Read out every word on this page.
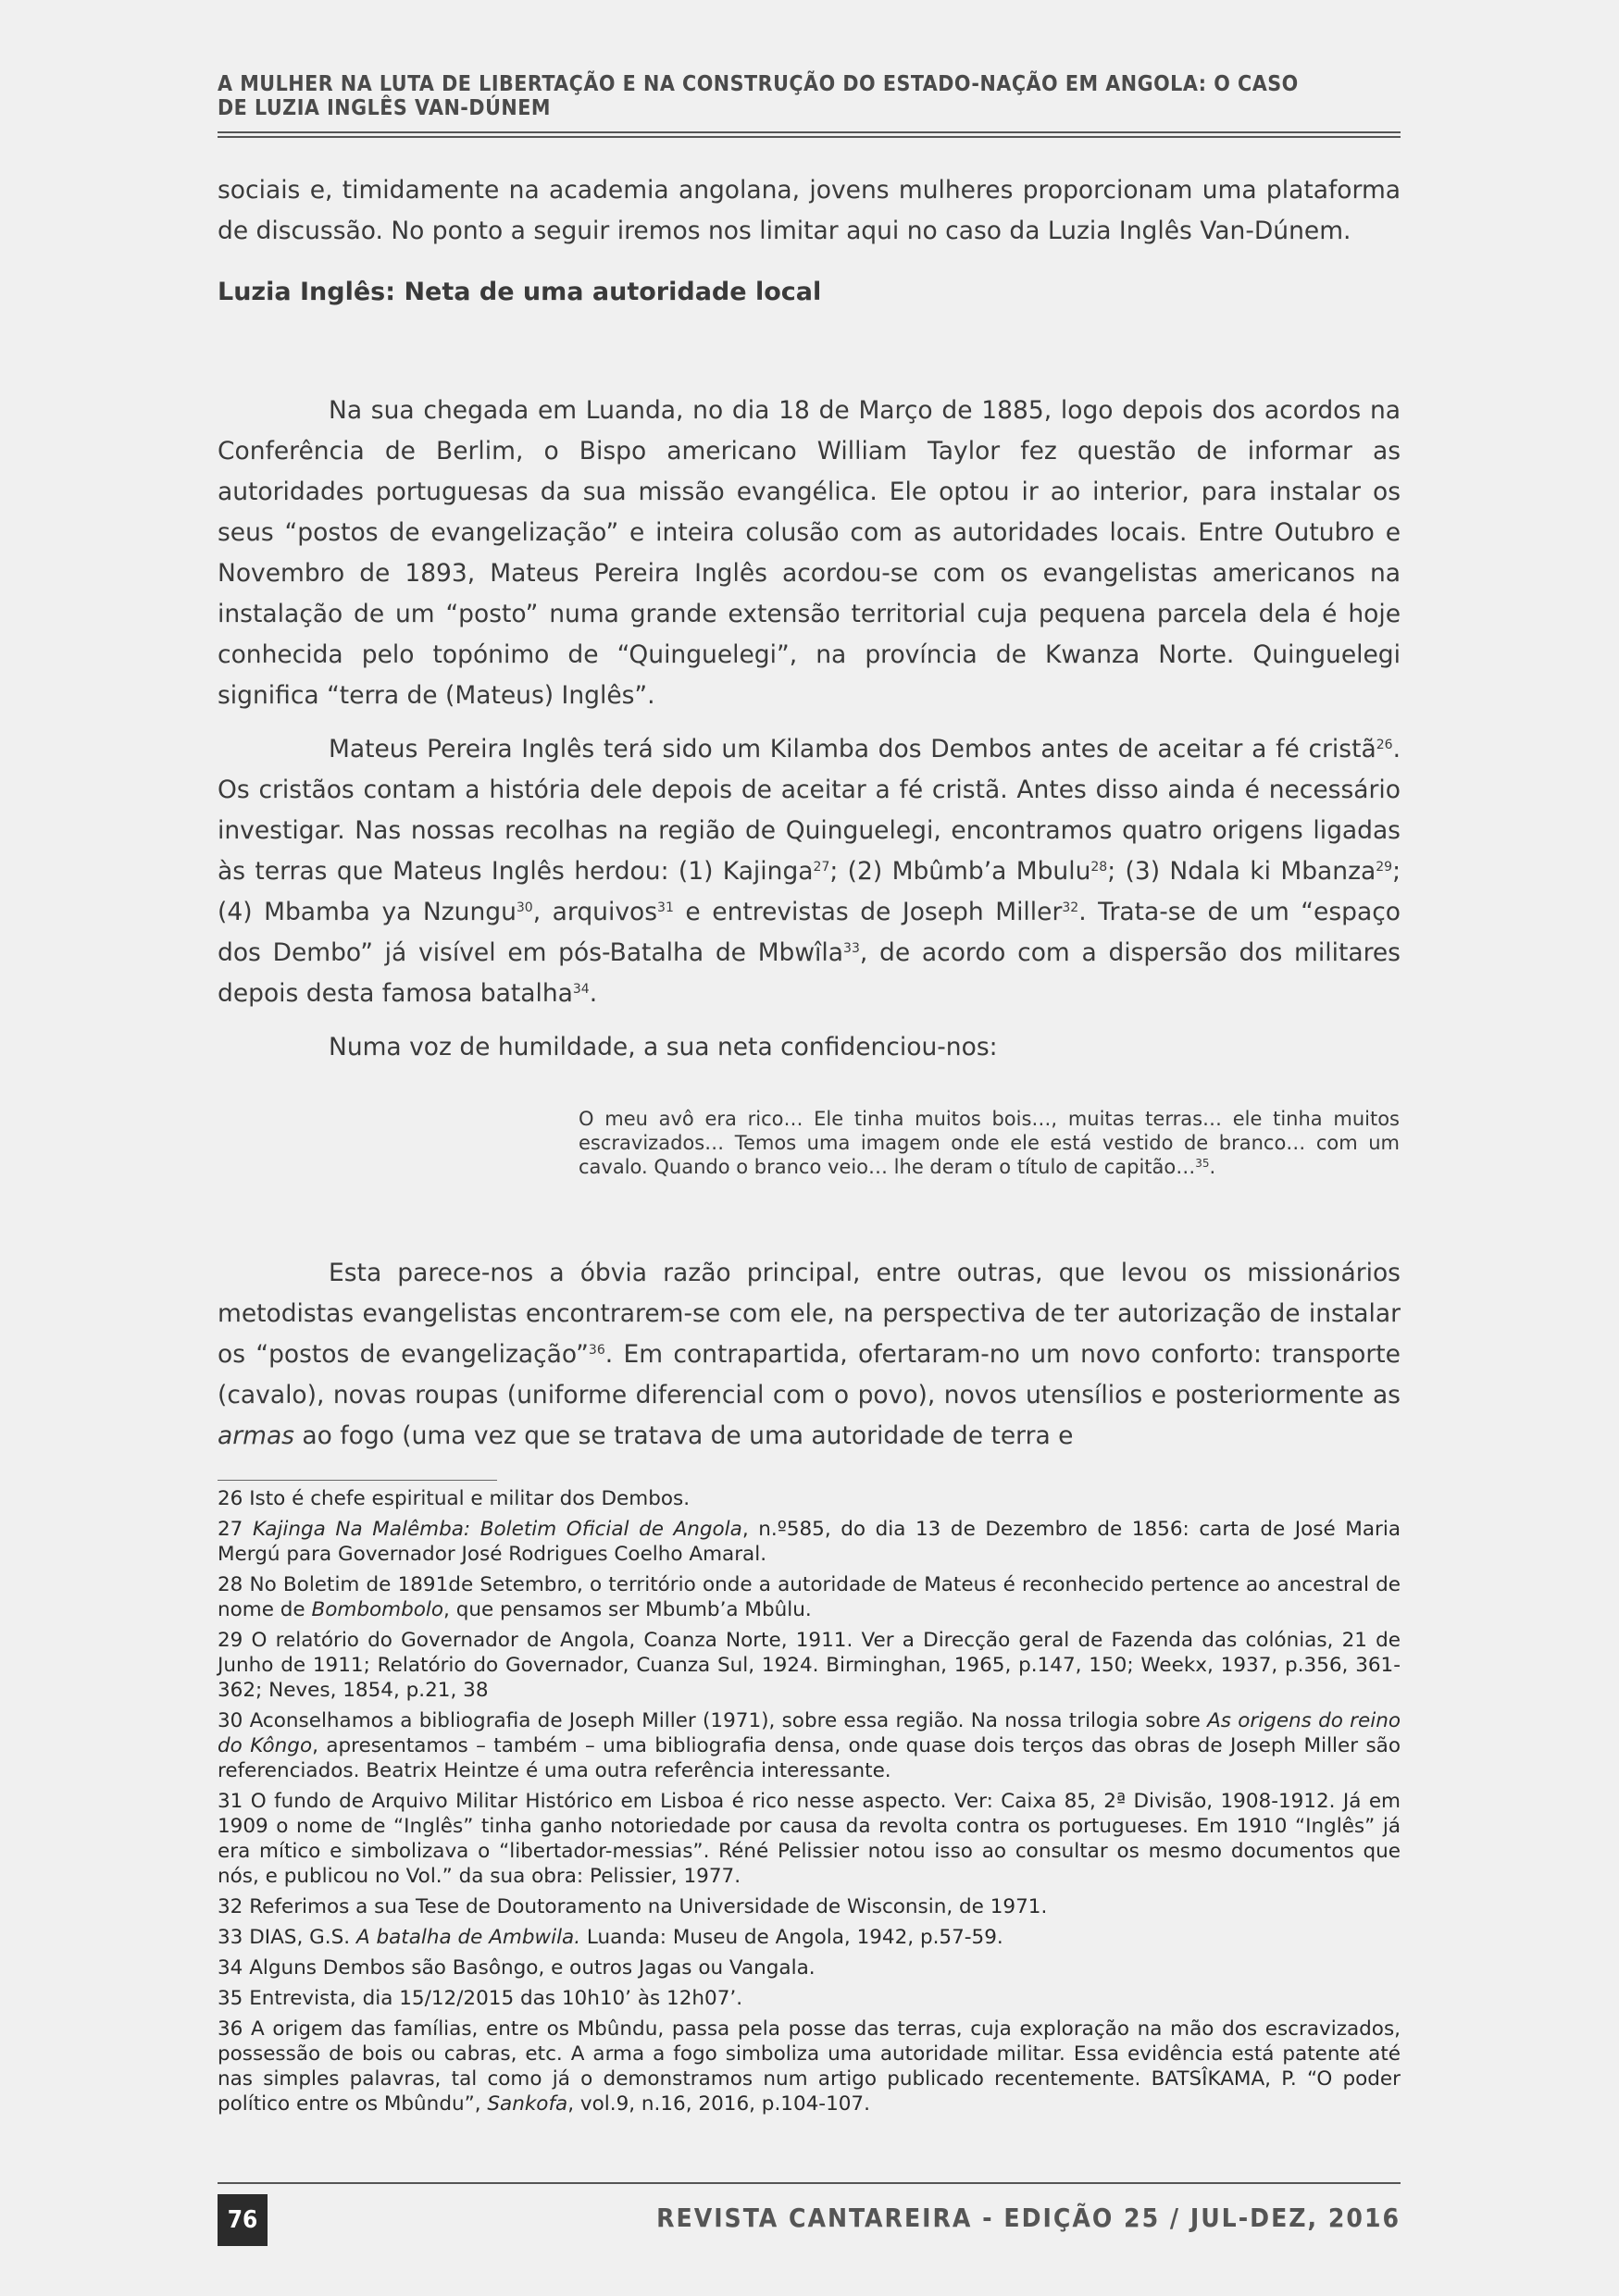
A MULHER NA LUTA DE LIBERTAÇÃO E NA CONSTRUÇÃO DO ESTADO-NAÇÃO EM ANGOLA: O CASO
DE LUZIA INGLÊS VAN-DÚNEM

sociais e, timidamente na academia angolana, jovens mulheres proporcionam uma plataforma de discussão. No ponto a seguir iremos nos limitar aqui no caso da Luzia Inglês Van-Dúnem.

Luzia Inglês: Neta de uma autoridade local

Na sua chegada em Luanda, no dia 18 de Março de 1885, logo depois dos acordos na Conferência de Berlim, o Bispo americano William Taylor fez questão de informar as autoridades portuguesas da sua missão evangélica. Ele optou ir ao interior, para instalar os seus “postos de evangelização” e inteira colusão com as autoridades locais. Entre Outubro e Novembro de 1893, Mateus Pereira Inglês acordou-se com os evangelistas americanos na instalação de um “posto” numa grande extensão territorial cuja pequena parcela dela é hoje conhecida pelo topónimo de “Quinguelegi”, na província de Kwanza Norte. Quinguelegi significa “terra de (Mateus) Inglês”.

Mateus Pereira Inglês terá sido um Kilamba dos Dembos antes de aceitar a fé cristã$^{26}$. Os cristãos contam a história dele depois de aceitar a fé cristã. Antes disso ainda é necessário investigar. Nas nossas recolhas na região de Quinguelegi, encontramos quatro origens ligadas às terras que Mateus Inglês herdou: (1) Kajinga$^{27}$; (2) Mbûmb’a Mbulu$^{28}$; (3) Ndala ki Mbanza$^{29}$; (4) Mbamba ya Nzungu$^{30}$, arquivos$^{31}$ e entrevistas de Joseph Miller$^{32}$. Trata-se de um “espaço dos Dembo” já visível em pós-Batalha de Mbwîla$^{33}$, de acordo com a dispersão dos militares depois desta famosa batalha$^{34}$.

Numa voz de humildade, a sua neta confidenciou-nos:

O meu avô era rico… Ele tinha muitos bois…, muitas terras… ele tinha muitos escravizados… Temos uma imagem onde ele está vestido de branco… com um cavalo. Quando o branco veio… lhe deram o título de capitão…$^{35}$.

Esta parece-nos a óbvia razão principal, entre outras, que levou os missionários metodistas evangelistas encontrarem-se com ele, na perspectiva de ter autorização de instalar os “postos de evangelização”$^{36}$. Em contrapartida, ofertaram-no um novo conforto: transporte (cavalo), novas roupas (uniforme diferencial com o povo), novos utensílios e posteriormente as armas ao fogo (uma vez que se tratava de uma autoridade de terra e

26 Isto é chefe espiritual e militar dos Dembos.

27 Kajinga Na Malêmba: Boletim Oficial de Angola, n.º585, do dia 13 de Dezembro de 1856: carta de José Maria Mergú para Governador José Rodrigues Coelho Amaral.

28 No Boletim de 1891de Setembro, o território onde a autoridade de Mateus é reconhecido pertence ao ancestral de nome de Bombombolo, que pensamos ser Mbumb’a Mbûlu.

29 O relatório do Governador de Angola, Coanza Norte, 1911. Ver a Direcção geral de Fazenda das colónias, 21 de Junho de 1911; Relatório do Governador, Cuanza Sul, 1924. Birminghan, 1965, p.147, 150; Weekx, 1937, p.356, 361-362; Neves, 1854, p.21, 38

30 Aconselhamos a bibliografia de Joseph Miller (1971), sobre essa região. Na nossa trilogia sobre As origens do reino do Kôngo, apresentamos – também – uma bibliografia densa, onde quase dois terços das obras de Joseph Miller são referenciados. Beatrix Heintze é uma outra referência interessante.

31 O fundo de Arquivo Militar Histórico em Lisboa é rico nesse aspecto. Ver: Caixa 85, 2ª Divisão, 1908-1912. Já em 1909 o nome de “Inglês” tinha ganho notoriedade por causa da revolta contra os portugueses. Em 1910 “Inglês” já era mítico e simbolizava o “libertador-messias”. Réné Pelissier notou isso ao consultar os mesmo documentos que nós, e publicou no Vol.” da sua obra: Pelissier, 1977.

32 Referimos a sua Tese de Doutoramento na Universidade de Wisconsin, de 1971.

33 DIAS, G.S. A batalha de Ambwila. Luanda: Museu de Angola, 1942, p.57-59.

34 Alguns Dembos são Basôngo, e outros Jagas ou Vangala.

35 Entrevista, dia 15/12/2015 das 10h10’ às 12h07’.

36 A origem das famílias, entre os Mbûndu, passa pela posse das terras, cuja exploração na mão dos escravizados, possessão de bois ou cabras, etc. A arma a fogo simboliza uma autoridade militar. Essa evidência está patente até nas simples palavras, tal como já o demonstramos num artigo publicado recentemente. BATSÎKAMA, P. “O poder político entre os Mbûndu”, Sankofa, vol.9, n.16, 2016, p.104-107.

76	REVISTA CANTAREIRA - EDIÇÃO 25 / JUL-DEZ, 2016
